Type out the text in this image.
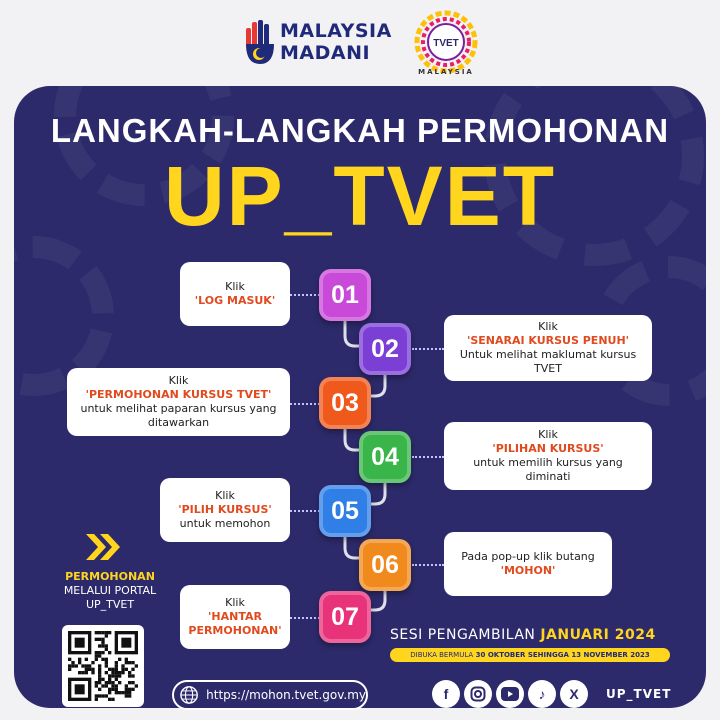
MALAYSIA
MADANI	TVET
MALAYSIA
LANGKAH-LANGKAH PERMOHONAN
UP_TVET
Klik
'LOG MASUK' 01
Klik
'SENARAI KURSUS PENUH'
Untuk melihat maklumat kursus TVET
02
Klik
'PERMOHONAN KURSUS TVET'
untuk melihat paparan kursus yang ditawarkan
03
Klik
'PILIHAN KURSUS'
untuk memilih kursus yang diminati
04
Klik
'PILIH KURSUS'
untuk memohon 05
Pada pop-up klik butang
'MOHON'
06
Klik
'HANTAR PERMOHONAN' 07
PERMOHONAN
MELALUI PORTAL
UP_TVET
SESI PENGAMBILAN JANUARI 2024
DIBUKA BERMULA 30 OKTOBER SEHINGGA 13 NOVEMBER 2023
https://mohon.tvet.gov.my	f	♪	X	UP_TVET
